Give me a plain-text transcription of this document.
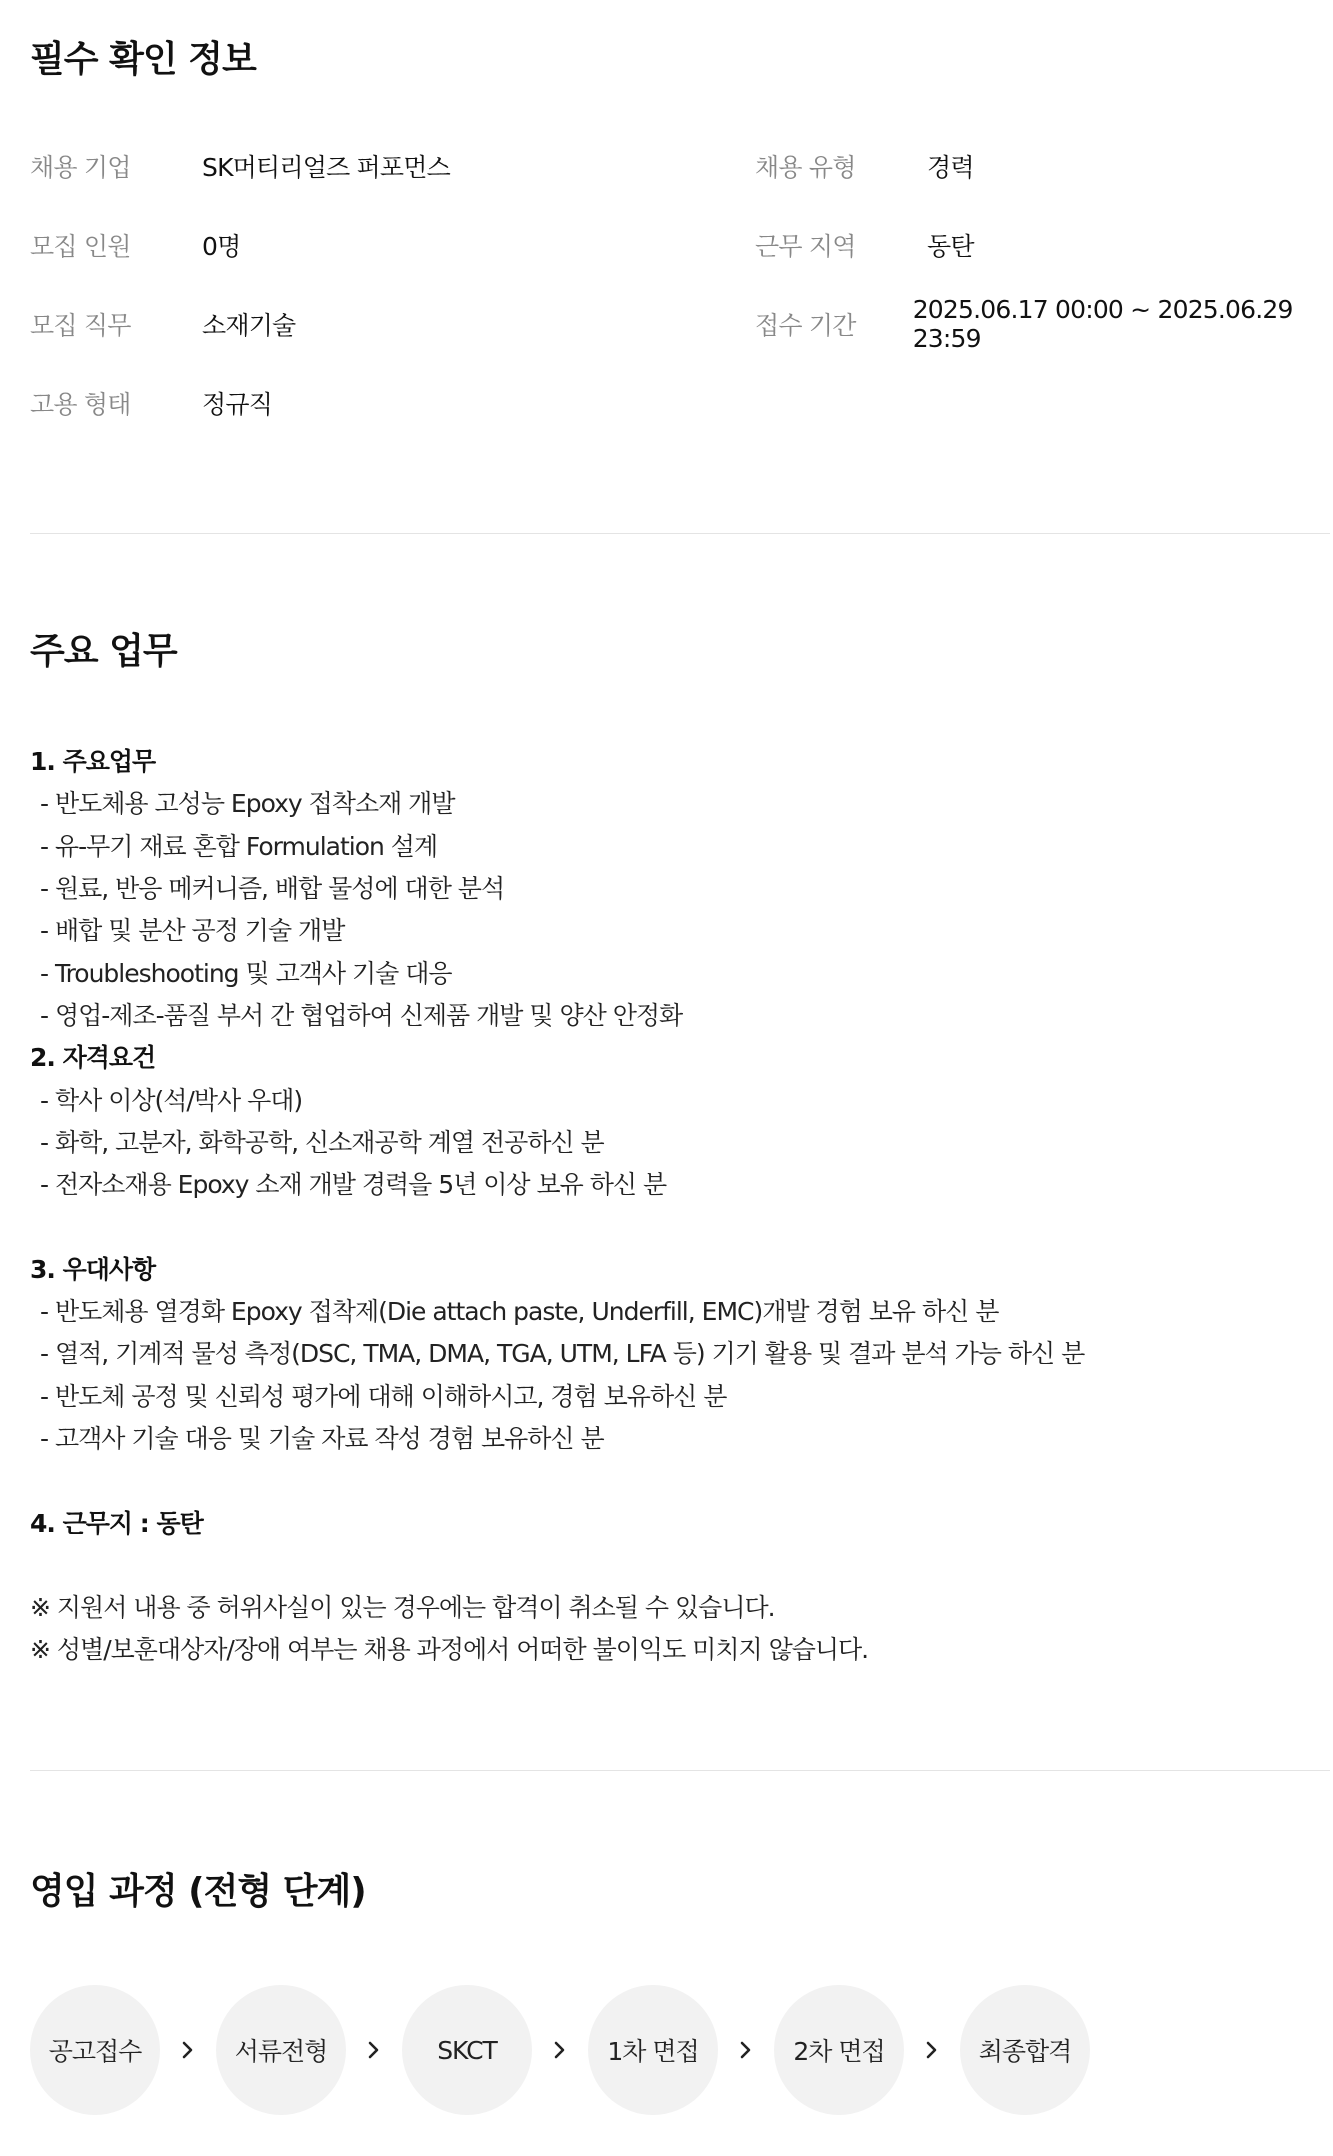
필수 확인 정보
채용 기업	SK머티리얼즈 퍼포먼스	채용 유형	경력
모집 인원	0명	근무 지역	동탄
모집 직무	소재기술	접수 기간
2025.06.17 00:00 ~ 2025.06.29 23:59
고용 형태	정규직
주요 업무
1. 주요업무
- 반도체용 고성능 Epoxy 접착소재 개발
- 유-무기 재료 혼합 Formulation 설계
- 원료, 반응 메커니즘, 배합 물성에 대한 분석
- 배합 및 분산 공정 기술 개발
- Troubleshooting 및 고객사 기술 대응
- 영업-제조-품질 부서 간 협업하여 신제품 개발 및 양산 안정화
2. 자격요건
- 학사 이상(석/박사 우대)
- 화학, 고분자, 화학공학, 신소재공학 계열 전공하신 분
- 전자소재용 Epoxy 소재 개발 경력을 5년 이상 보유 하신 분
3. 우대사항
- 반도체용 열경화 Epoxy 접착제(Die attach paste, Underfill, EMC)개발 경험 보유 하신 분
- 열적, 기계적 물성 측정(DSC, TMA, DMA, TGA, UTM, LFA 등) 기기 활용 및 결과 분석 가능 하신 분
- 반도체 공정 및 신뢰성 평가에 대해 이해하시고, 경험 보유하신 분
- 고객사 기술 대응 및 기술 자료 작성 경험 보유하신 분
4. 근무지 : 동탄
※ 지원서 내용 중 허위사실이 있는 경우에는 합격이 취소될 수 있습니다.
※ 성별/보훈대상자/장애 여부는 채용 과정에서 어떠한 불이익도 미치지 않습니다.
영입 과정 (전형 단계)
공고접수	서류전형	SKCT	1차 면접	2차 면접	최종합격
